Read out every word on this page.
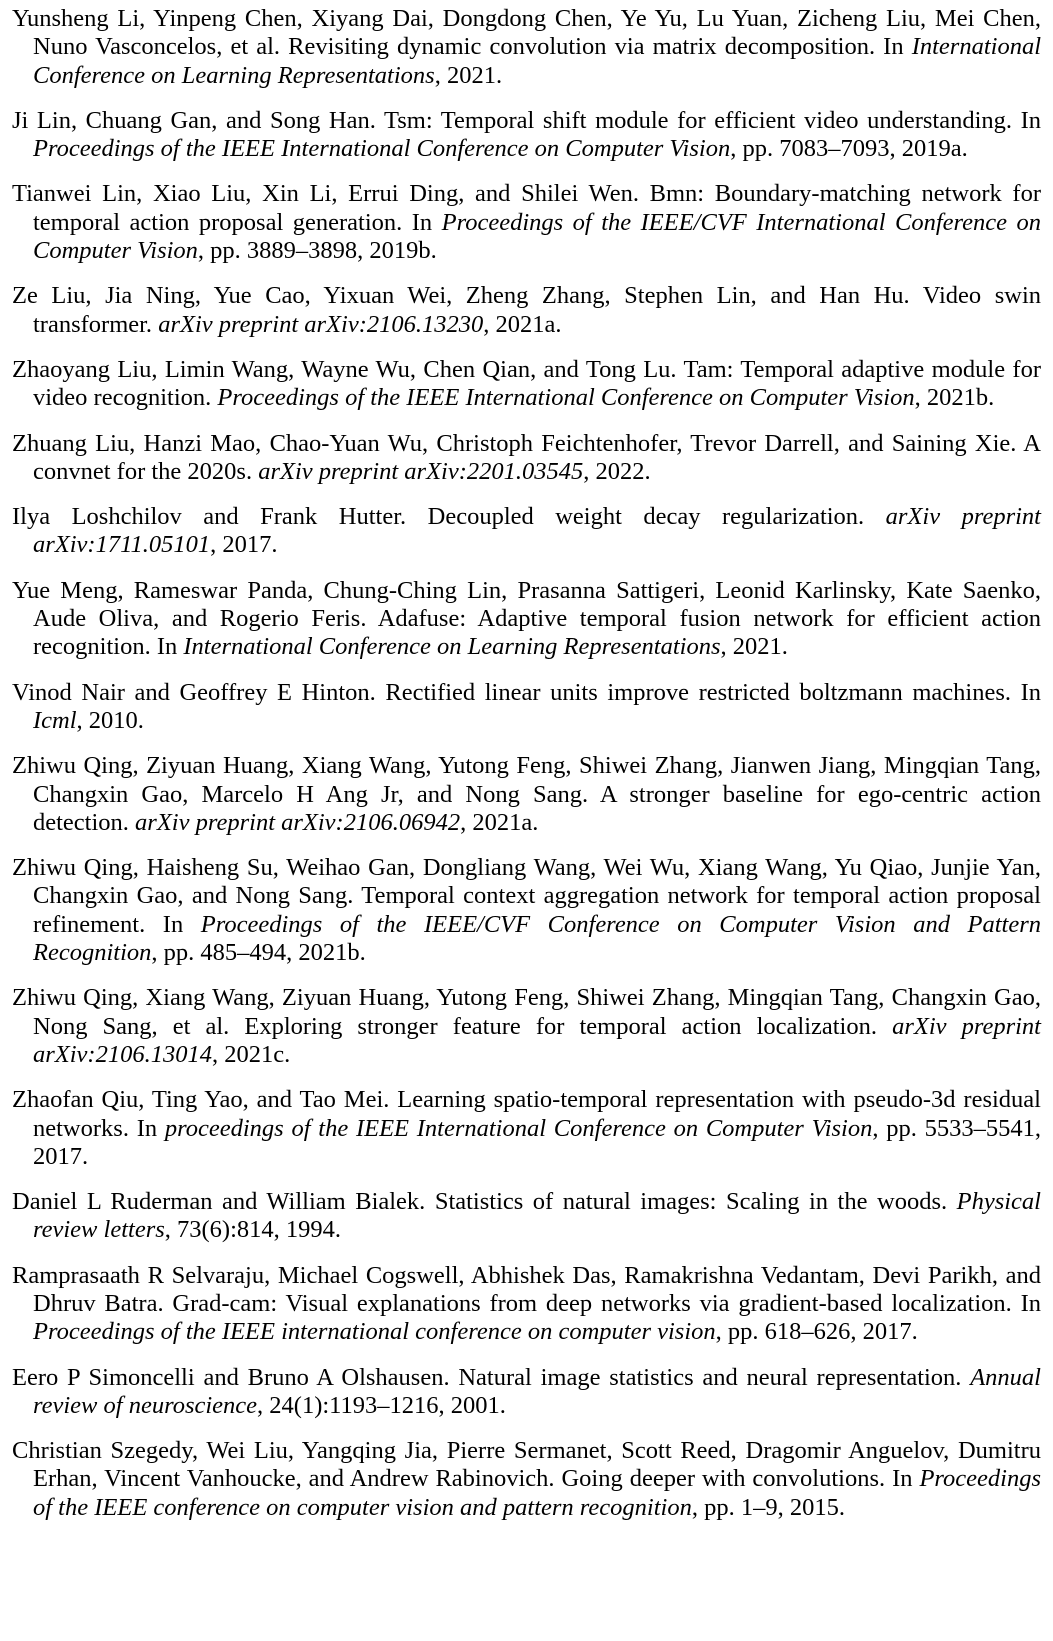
Yunsheng Li, Yinpeng Chen, Xiyang Dai, Dongdong Chen, Ye Yu, Lu Yuan, Zicheng Liu, Mei Chen, Nuno Vasconcelos, et al. Revisiting dynamic convolution via matrix decomposition. In International Conference on Learning Representations, 2021.

Ji Lin, Chuang Gan, and Song Han. Tsm: Temporal shift module for efficient video understanding. In Proceedings of the IEEE International Conference on Computer Vision, pp. 7083–7093, 2019a.

Tianwei Lin, Xiao Liu, Xin Li, Errui Ding, and Shilei Wen. Bmn: Boundary-matching network for temporal action proposal generation. In Proceedings of the IEEE/CVF International Conference on Computer Vision, pp. 3889–3898, 2019b.

Ze Liu, Jia Ning, Yue Cao, Yixuan Wei, Zheng Zhang, Stephen Lin, and Han Hu. Video swin transformer. arXiv preprint arXiv:2106.13230, 2021a.

Zhaoyang Liu, Limin Wang, Wayne Wu, Chen Qian, and Tong Lu. Tam: Temporal adaptive module for video recognition. Proceedings of the IEEE International Conference on Computer Vision, 2021b.

Zhuang Liu, Hanzi Mao, Chao-Yuan Wu, Christoph Feichtenhofer, Trevor Darrell, and Saining Xie. A convnet for the 2020s. arXiv preprint arXiv:2201.03545, 2022.

Ilya Loshchilov and Frank Hutter. Decoupled weight decay regularization. arXiv preprint arXiv:1711.05101, 2017.

Yue Meng, Rameswar Panda, Chung-Ching Lin, Prasanna Sattigeri, Leonid Karlinsky, Kate Saenko, Aude Oliva, and Rogerio Feris. Adafuse: Adaptive temporal fusion network for efficient action recognition. In International Conference on Learning Representations, 2021.

Vinod Nair and Geoffrey E Hinton. Rectified linear units improve restricted boltzmann machines. In Icml, 2010.

Zhiwu Qing, Ziyuan Huang, Xiang Wang, Yutong Feng, Shiwei Zhang, Jianwen Jiang, Mingqian Tang, Changxin Gao, Marcelo H Ang Jr, and Nong Sang. A stronger baseline for ego-centric action detection. arXiv preprint arXiv:2106.06942, 2021a.

Zhiwu Qing, Haisheng Su, Weihao Gan, Dongliang Wang, Wei Wu, Xiang Wang, Yu Qiao, Junjie Yan, Changxin Gao, and Nong Sang. Temporal context aggregation network for temporal action proposal refinement. In Proceedings of the IEEE/CVF Conference on Computer Vision and Pattern Recognition, pp. 485–494, 2021b.

Zhiwu Qing, Xiang Wang, Ziyuan Huang, Yutong Feng, Shiwei Zhang, Mingqian Tang, Changxin Gao, Nong Sang, et al. Exploring stronger feature for temporal action localization. arXiv preprint arXiv:2106.13014, 2021c.

Zhaofan Qiu, Ting Yao, and Tao Mei. Learning spatio-temporal representation with pseudo-3d residual networks. In proceedings of the IEEE International Conference on Computer Vision, pp. 5533–5541, 2017.

Daniel L Ruderman and William Bialek. Statistics of natural images: Scaling in the woods. Physical review letters, 73(6):814, 1994.

Ramprasaath R Selvaraju, Michael Cogswell, Abhishek Das, Ramakrishna Vedantam, Devi Parikh, and Dhruv Batra. Grad-cam: Visual explanations from deep networks via gradient-based localization. In Proceedings of the IEEE international conference on computer vision, pp. 618–626, 2017.

Eero P Simoncelli and Bruno A Olshausen. Natural image statistics and neural representation. Annual review of neuroscience, 24(1):1193–1216, 2001.

Christian Szegedy, Wei Liu, Yangqing Jia, Pierre Sermanet, Scott Reed, Dragomir Anguelov, Dumitru Erhan, Vincent Vanhoucke, and Andrew Rabinovich. Going deeper with convolutions. In Proceedings of the IEEE conference on computer vision and pattern recognition, pp. 1–9, 2015.
